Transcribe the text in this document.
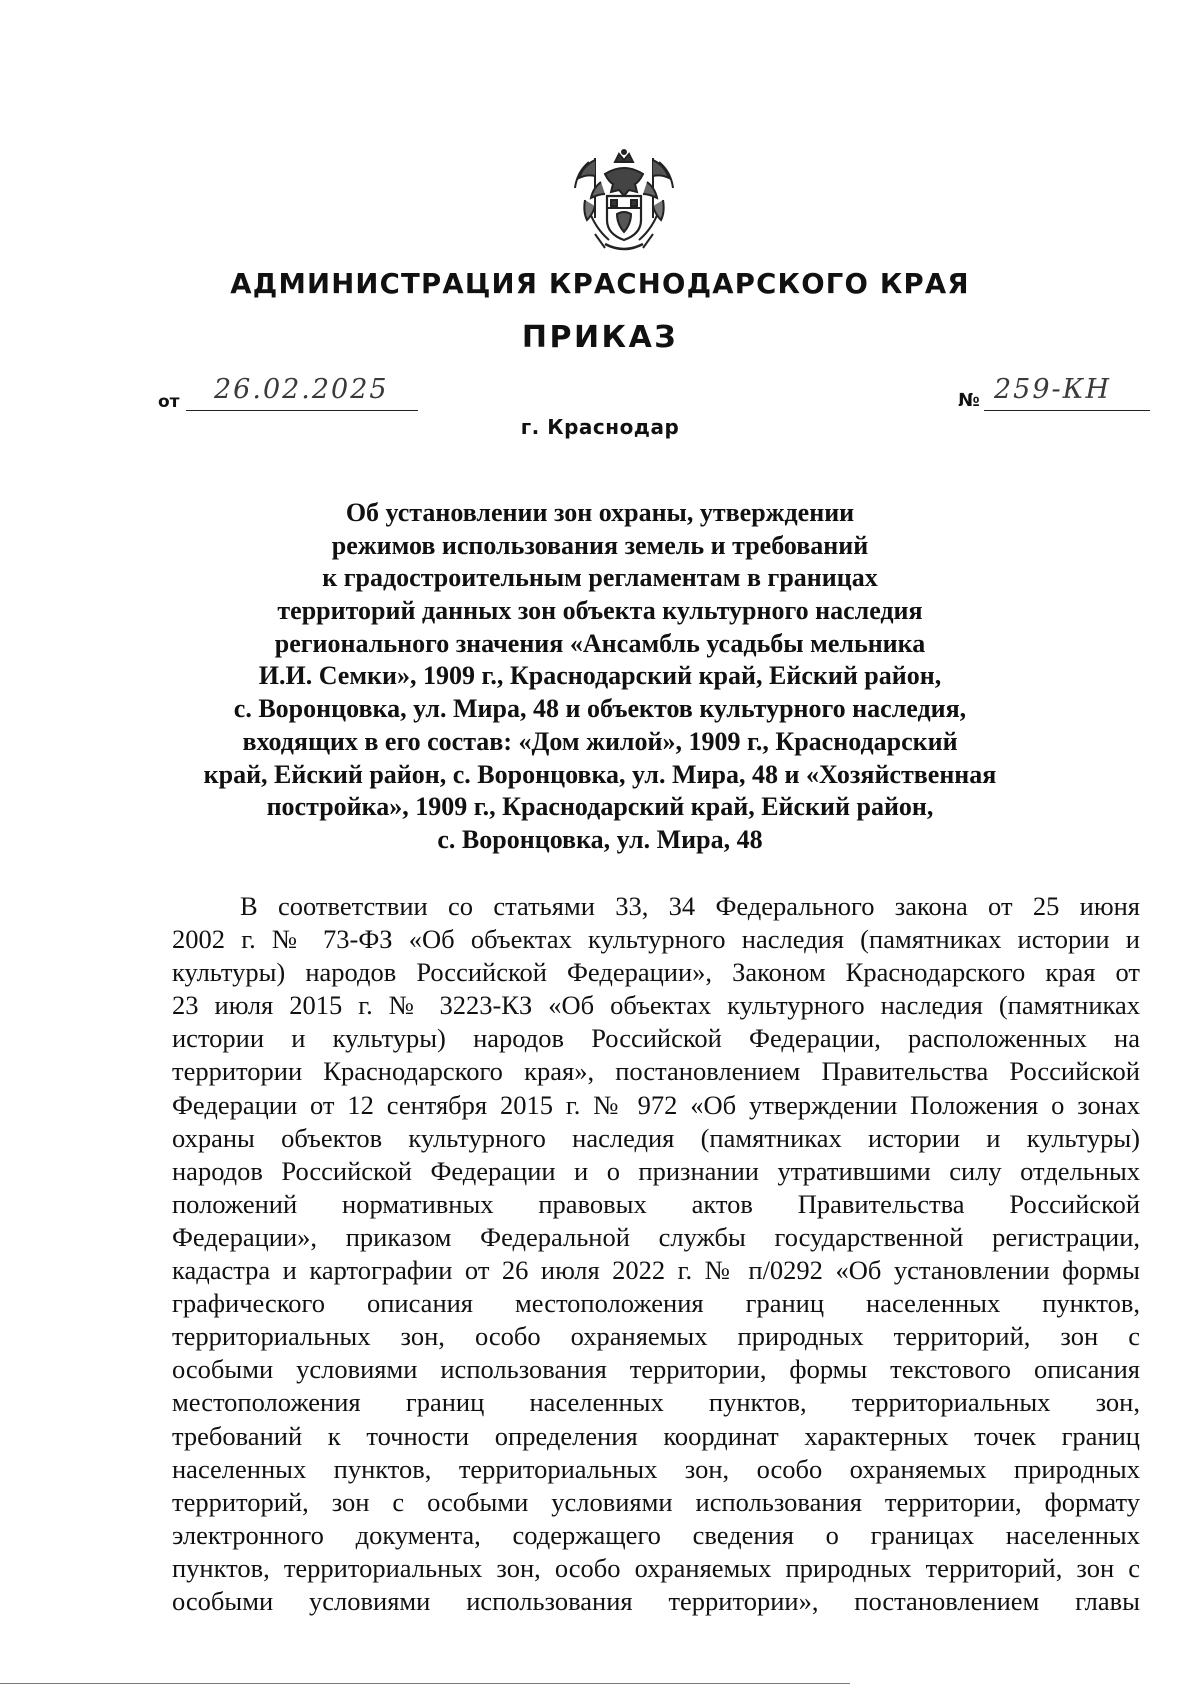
АДМИНИСТРАЦИЯ КРАСНОДАРСКОГО КРАЯ
ПРИКАЗ
от 26.02.2025	№ 259-КН
г. Краснодар
Об установлении зон охраны, утверждении
режимов использования земель и требований
к градостроительным регламентам в границах
территорий данных зон объекта культурного наследия
регионального значения «Ансамбль усадьбы мельника
И.И. Семки», 1909 г., Краснодарский край, Ейский район,
с. Воронцовка, ул. Мира, 48 и объектов культурного наследия,
входящих в его состав: «Дом жилой», 1909 г., Краснодарский
край, Ейский район, с. Воронцовка, ул. Мира, 48 и «Хозяйственная
постройка», 1909 г., Краснодарский край, Ейский район,
с. Воронцовка, ул. Мира, 48
В соответствии со статьями 33, 34 Федерального закона от 25 июня
2002 г. № 73-ФЗ «Об объектах культурного наследия (памятниках истории и
культуры) народов Российской Федерации», Законом Краснодарского края от
23 июля 2015 г. № 3223-КЗ «Об объектах культурного наследия (памятниках
истории и культуры) народов Российской Федерации, расположенных на
территории Краснодарского края», постановлением Правительства Российской
Федерации от 12 сентября 2015 г. № 972 «Об утверждении Положения о зонах
охраны объектов культурного наследия (памятниках истории и культуры)
народов Российской Федерации и о признании утратившими силу отдельных
положений нормативных правовых актов Правительства Российской
Федерации», приказом Федеральной службы государственной регистрации,
кадастра и картографии от 26 июля 2022 г. № п/0292 «Об установлении формы
графического описания местоположения границ населенных пунктов,
территориальных зон, особо охраняемых природных территорий, зон с
особыми условиями использования территории, формы текстового описания
местоположения границ населенных пунктов, территориальных зон,
требований к точности определения координат характерных точек границ
населенных пунктов, территориальных зон, особо охраняемых природных
территорий, зон с особыми условиями использования территории, формату
электронного документа, содержащего сведения о границах населенных
пунктов, территориальных зон, особо охраняемых природных территорий, зон с
особыми условиями использования территории», постановлением главы
